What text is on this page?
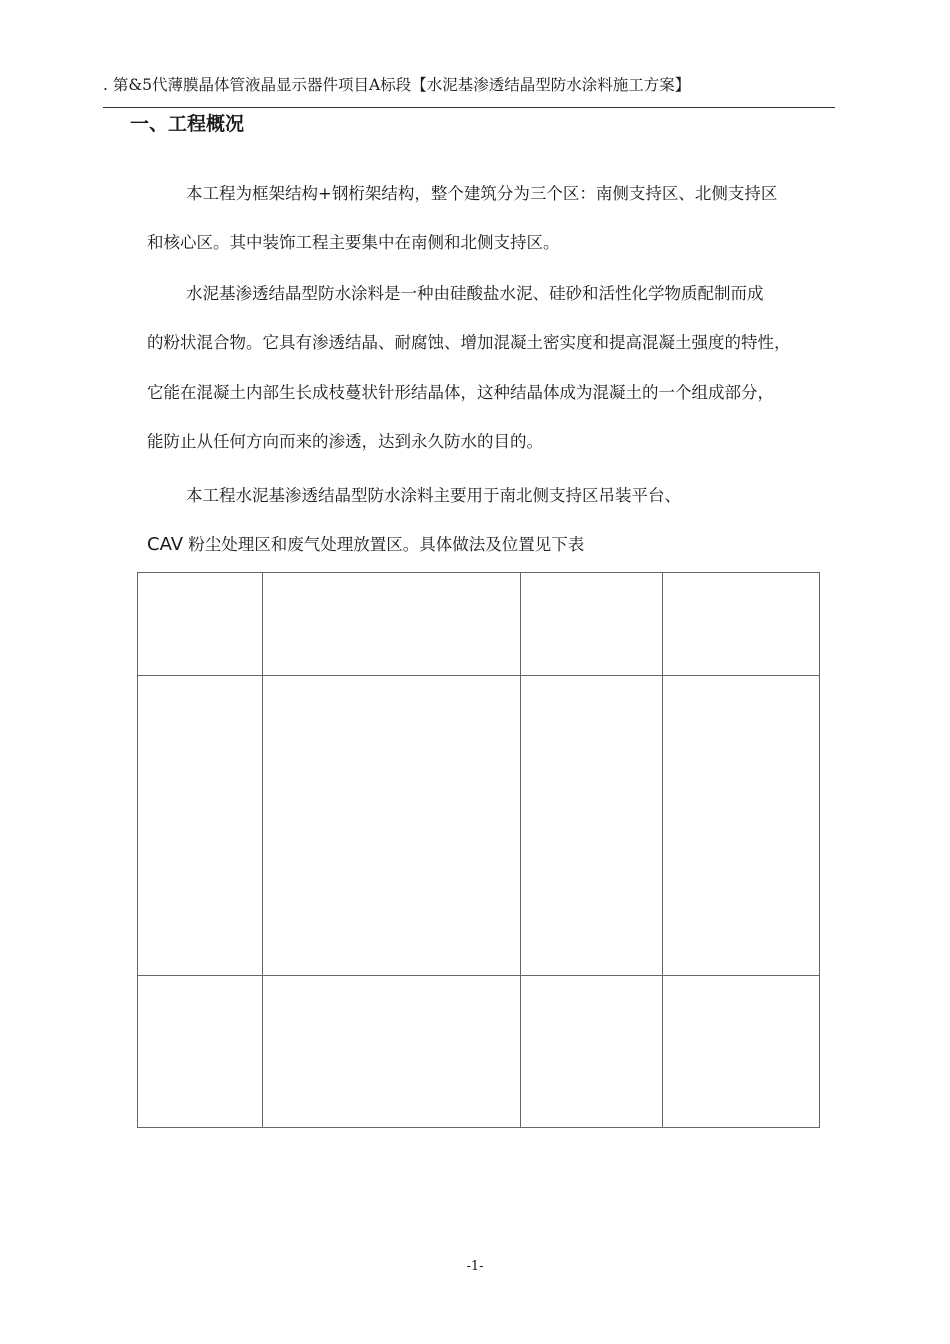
. 第&5代薄膜晶体管液晶显示器件项目A标段【水泥基渗透结晶型防水涂料施工方案】
一、工程概况
本工程为框架结构+钢桁架结构，整个建筑分为三个区：南侧支持区、北侧支持区
和核心区。其中装饰工程主要集中在南侧和北侧支持区。
水泥基渗透结晶型防水涂料是一种由硅酸盐水泥、硅砂和活性化学物质配制而成
的粉状混合物。它具有渗透结晶、耐腐蚀、增加混凝土密实度和提高混凝土强度的特性，
它能在混凝土内部生长成枝蔓状针形结晶体，这种结晶体成为混凝土的一个组成部分，
能防止从任何方向而来的渗透，达到永久防水的目的。
本工程水泥基渗透结晶型防水涂料主要用于南北侧支持区吊装平台、
CAV 粉尘处理区和废气处理放置区。具体做法及位置见下表

-1-
